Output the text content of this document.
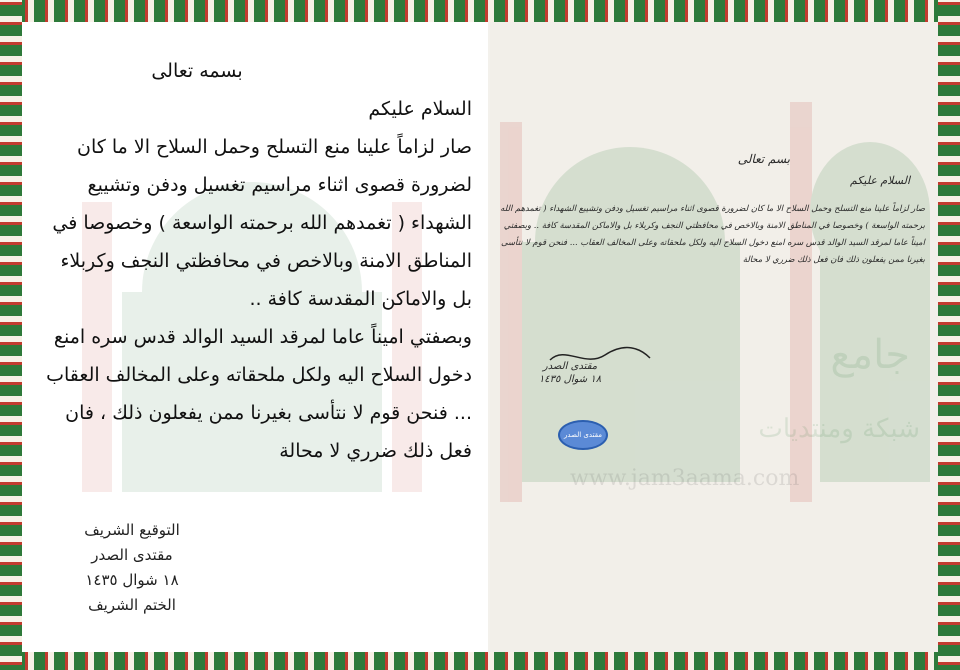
بسمه تعالى

السلام عليكم

صار لزاماً علينا منع التسلح وحمل السلاح الا ما كان لضرورة قصوى اثناء مراسيم تغسيل ودفن وتشييع الشهداء ( تغمدهم الله برحمته الواسعة ) وخصوصا في المناطق الامنة وبالاخص في محافظتي النجف وكربلاء بل والاماكن المقدسة كافة ..

وبصفتي اميناً عاما لمرقد السيد الوالد قدس سره امنع دخول السلاح اليه ولكل ملحقاته وعلى المخالف العقاب ... فنحن قوم لا نتأسى بغيرنا ممن يفعلون ذلك ، فان فعل ذلك ضرري لا محالة

التوقيع الشريف
مقتدى الصدر
١٨ شوال ١٤٣٥
الختم الشريف
جامع
شبكة ومنتديات
www.jam3aama.com
بسم تعالى
السلام عليكم
صار لزاماً علينا منع التسلح وحمل السلاح الا ما كان لضرورة قصوى اثناء مراسيم تغسيل ودفن وتشييع الشهداء ( تغمدهم الله برحمته الواسعة ) وخصوصا في المناطق الامنة وبالاخص في محافظتي النجف وكربلاء بل والاماكن المقدسة كافة .. وبصفتي اميناً عاما لمرقد السيد الوالد قدس سره امنع دخول السلاح اليه ولكل ملحقاته وعلى المخالف العقاب ... فنحن قوم لا نتأسى بغيرنا ممن يفعلون ذلك فان فعل ذلك ضرري لا محالة
مقتدى الصدر
١٨ شوال ١٤٣٥
مقتدى الصدر
